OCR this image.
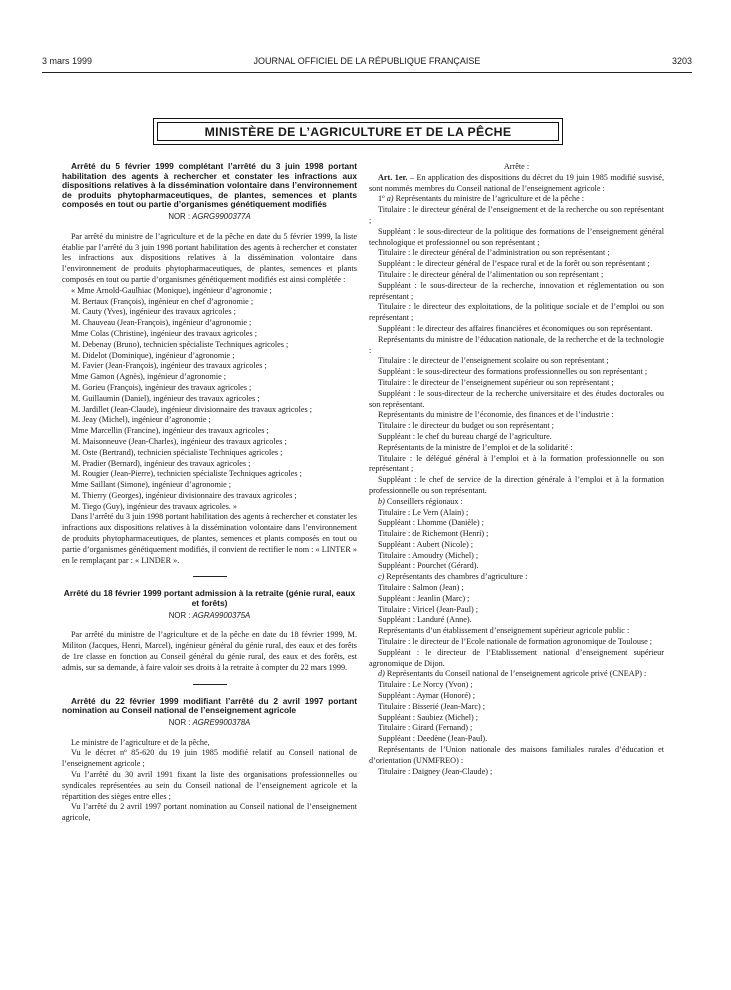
3 mars 1999	JOURNAL OFFICIEL DE LA RÉPUBLIQUE FRANÇAISE	3203
MINISTÈRE DE L’AGRICULTURE ET DE LA PÊCHE
Arrêté du 5 février 1999 complétant l’arrêté du 3 juin 1998 portant habilitation des agents à rechercher et constater les infractions aux dispositions relatives à la dissémination volontaire dans l’environnement de produits phytopharmaceutiques, de plantes, semences et plants composés en tout ou partie d’organismes génétiquement modifiés
NOR : AGRG9900377A

Par arrêté du ministre de l’agriculture et de la pêche en date du 5 février 1999, la liste établie par l’arrêté du 3 juin 1998 portant habilitation des agents à rechercher et constater les infractions aux dispositions relatives à la dissémination volontaire dans l’environnement de produits phytopharmaceutiques, de plantes, semences et plants composés en tout ou partie d’organismes génétiquement modifiés est ainsi complétée :

« Mme Arnold-Gaulhiac (Monique), ingénieur d’agronomie ;

M. Bertaux (François), ingénieur en chef d’agronomie ;

M. Cauty (Yves), ingénieur des travaux agricoles ;

M. Chauveau (Jean-François), ingénieur d’agronomie ;

Mme Colas (Christine), ingénieur des travaux agricoles ;

M. Debenay (Bruno), technicien spécialiste Techniques agricoles ;

M. Didelot (Dominique), ingénieur d’agronomie ;

M. Favier (Jean-François), ingénieur des travaux agricoles ;

Mme Gamon (Agnès), ingénieur d’agronomie ;

M. Gorieu (François), ingénieur des travaux agricoles ;

M. Guillaumin (Daniel), ingénieur des travaux agricoles ;

M. Jardillet (Jean-Claude), ingénieur divisionnaire des travaux agricoles ;

M. Jeay (Michel), ingénieur d’agronomie ;

Mme Marcellin (Francine), ingénieur des travaux agricoles ;

M. Maisonneuve (Jean-Charles), ingénieur des travaux agricoles ;

M. Oste (Bertrand), technicien spécialiste Techniques agricoles ;

M. Pradier (Bernard), ingénieur des travaux agricoles ;

M. Rougier (Jean-Pierre), technicien spécialiste Techniques agricoles ;

Mme Saillant (Simone), ingénieur d’agronomie ;

M. Thierry (Georges), ingénieur divisionnaire des travaux agricoles ;

M. Tiego (Guy), ingénieur des travaux agricoles. »

Dans l’arrêté du 3 juin 1998 portant habilitation des agents à rechercher et constater les infractions aux dispositions relatives à la dissémination volontaire dans l’environnement de produits phytopharmaceutiques, de plantes, semences et plants composés en tout ou partie d’organismes génétiquement modifiés, il convient de rectifier le nom : « LINTER » en le remplaçant par : « LINDER ».

Arrêté du 18 février 1999 portant admission à la retraite (génie rural, eaux et forêts)
NOR : AGRA9900375A

Par arrêté du ministre de l’agriculture et de la pêche en date du 18 février 1999, M. Militon (Jacques, Henri, Marcel), ingénieur général du génie rural, des eaux et des forêts de 1re classe en fonction au Conseil général du génie rural, des eaux et des forêts, est admis, sur sa demande, à faire valoir ses droits à la retraite à compter du 22 mars 1999.

Arrêté du 22 février 1999 modifiant l’arrêté du 2 avril 1997 portant nomination au Conseil national de l’enseignement agricole
NOR : AGRE9900378A

Le ministre de l’agriculture et de la pêche,

Vu le décret nº 85-620 du 19 juin 1985 modifié relatif au Conseil national de l’enseignement agricole ;

Vu l’arrêté du 30 avril 1991 fixant la liste des organisations professionnelles ou syndicales représentées au sein du Conseil national de l’enseignement agricole et la répartition des sièges entre elles ;

Vu l’arrêté du 2 avril 1997 portant nomination au Conseil national de l’enseignement agricole,

Arrête :

Art. 1er. – En application des dispositions du décret du 19 juin 1985 modifié susvisé, sont nommés membres du Conseil national de l’enseignement agricole :

1º a) Représentants du ministre de l’agriculture et de la pêche :

Titulaire : le directeur général de l’enseignement et de la recherche ou son représentant ;

Suppléant : le sous-directeur de la politique des formations de l’enseignement général technologique et professionnel ou son représentant ;

Titulaire : le directeur général de l’administration ou son représentant ;

Suppléant : le directeur général de l’espace rural et de la forêt ou son représentant ;

Titulaire : le directeur général de l’alimentation ou son représentant ;

Suppléant : le sous-directeur de la recherche, innovation et réglementation ou son représentant ;

Titulaire : le directeur des exploitations, de la politique sociale et de l’emploi ou son représentant ;

Suppléant : le directeur des affaires financières et économiques ou son représentant.

Représentants du ministre de l’éducation nationale, de la recherche et de la technologie :

Titulaire : le directeur de l’enseignement scolaire ou son représentant ;

Suppléant : le sous-directeur des formations professionnelles ou son représentant ;

Titulaire : le directeur de l’enseignement supérieur ou son représentant ;

Suppléant : le sous-directeur de la recherche universitaire et des études doctorales ou son représentant.

Représentants du ministre de l’économie, des finances et de l’industrie :

Titulaire : le directeur du budget ou son représentant ;

Suppléant : le chef du bureau chargé de l’agriculture.

Représentants de la ministre de l’emploi et de la solidarité :

Titulaire : le délégué général à l’emploi et à la formation professionnelle ou son représentant ;

Suppléant : le chef de service de la direction générale à l’emploi et à la formation professionnelle ou son représentant.

b) Conseillers régionaux :

Titulaire : Le Vern (Alain) ;

Suppléant : Lhomme (Danièle) ;

Titulaire : de Richemont (Henri) ;

Suppléant : Aubert (Nicole) ;

Titulaire : Amoudry (Michel) ;

Suppléant : Pourchet (Gérard).

c) Représentants des chambres d’agriculture :

Titulaire : Salmon (Jean) ;

Suppléant : Jeanlin (Marc) ;

Titulaire : Viricel (Jean-Paul) ;

Suppléant : Landuré (Anne).

Représentants d’un établissement d’enseignement supérieur agricole public :

Titulaire : le directeur de l’Ecole nationale de formation agronomique de Toulouse ;

Suppléant : le directeur de l’Etablissement national d’enseignement supérieur agronomique de Dijon.

d) Représentants du Conseil national de l’enseignement agricole privé (CNEAP) :

Titulaire : Le Norcy (Yvon) ;

Suppléant : Aymar (Honoré) ;

Titulaire : Bisserié (Jean-Marc) ;

Suppléant : Saubiez (Michel) ;

Titulaire : Girard (Fernand) ;

Suppléant : Deedène (Jean-Paul).

Représentants de l’Union nationale des maisons familiales rurales d’éducation et d’orientation (UNMFREO) :

Titulaire : Daigney (Jean-Claude) ;
